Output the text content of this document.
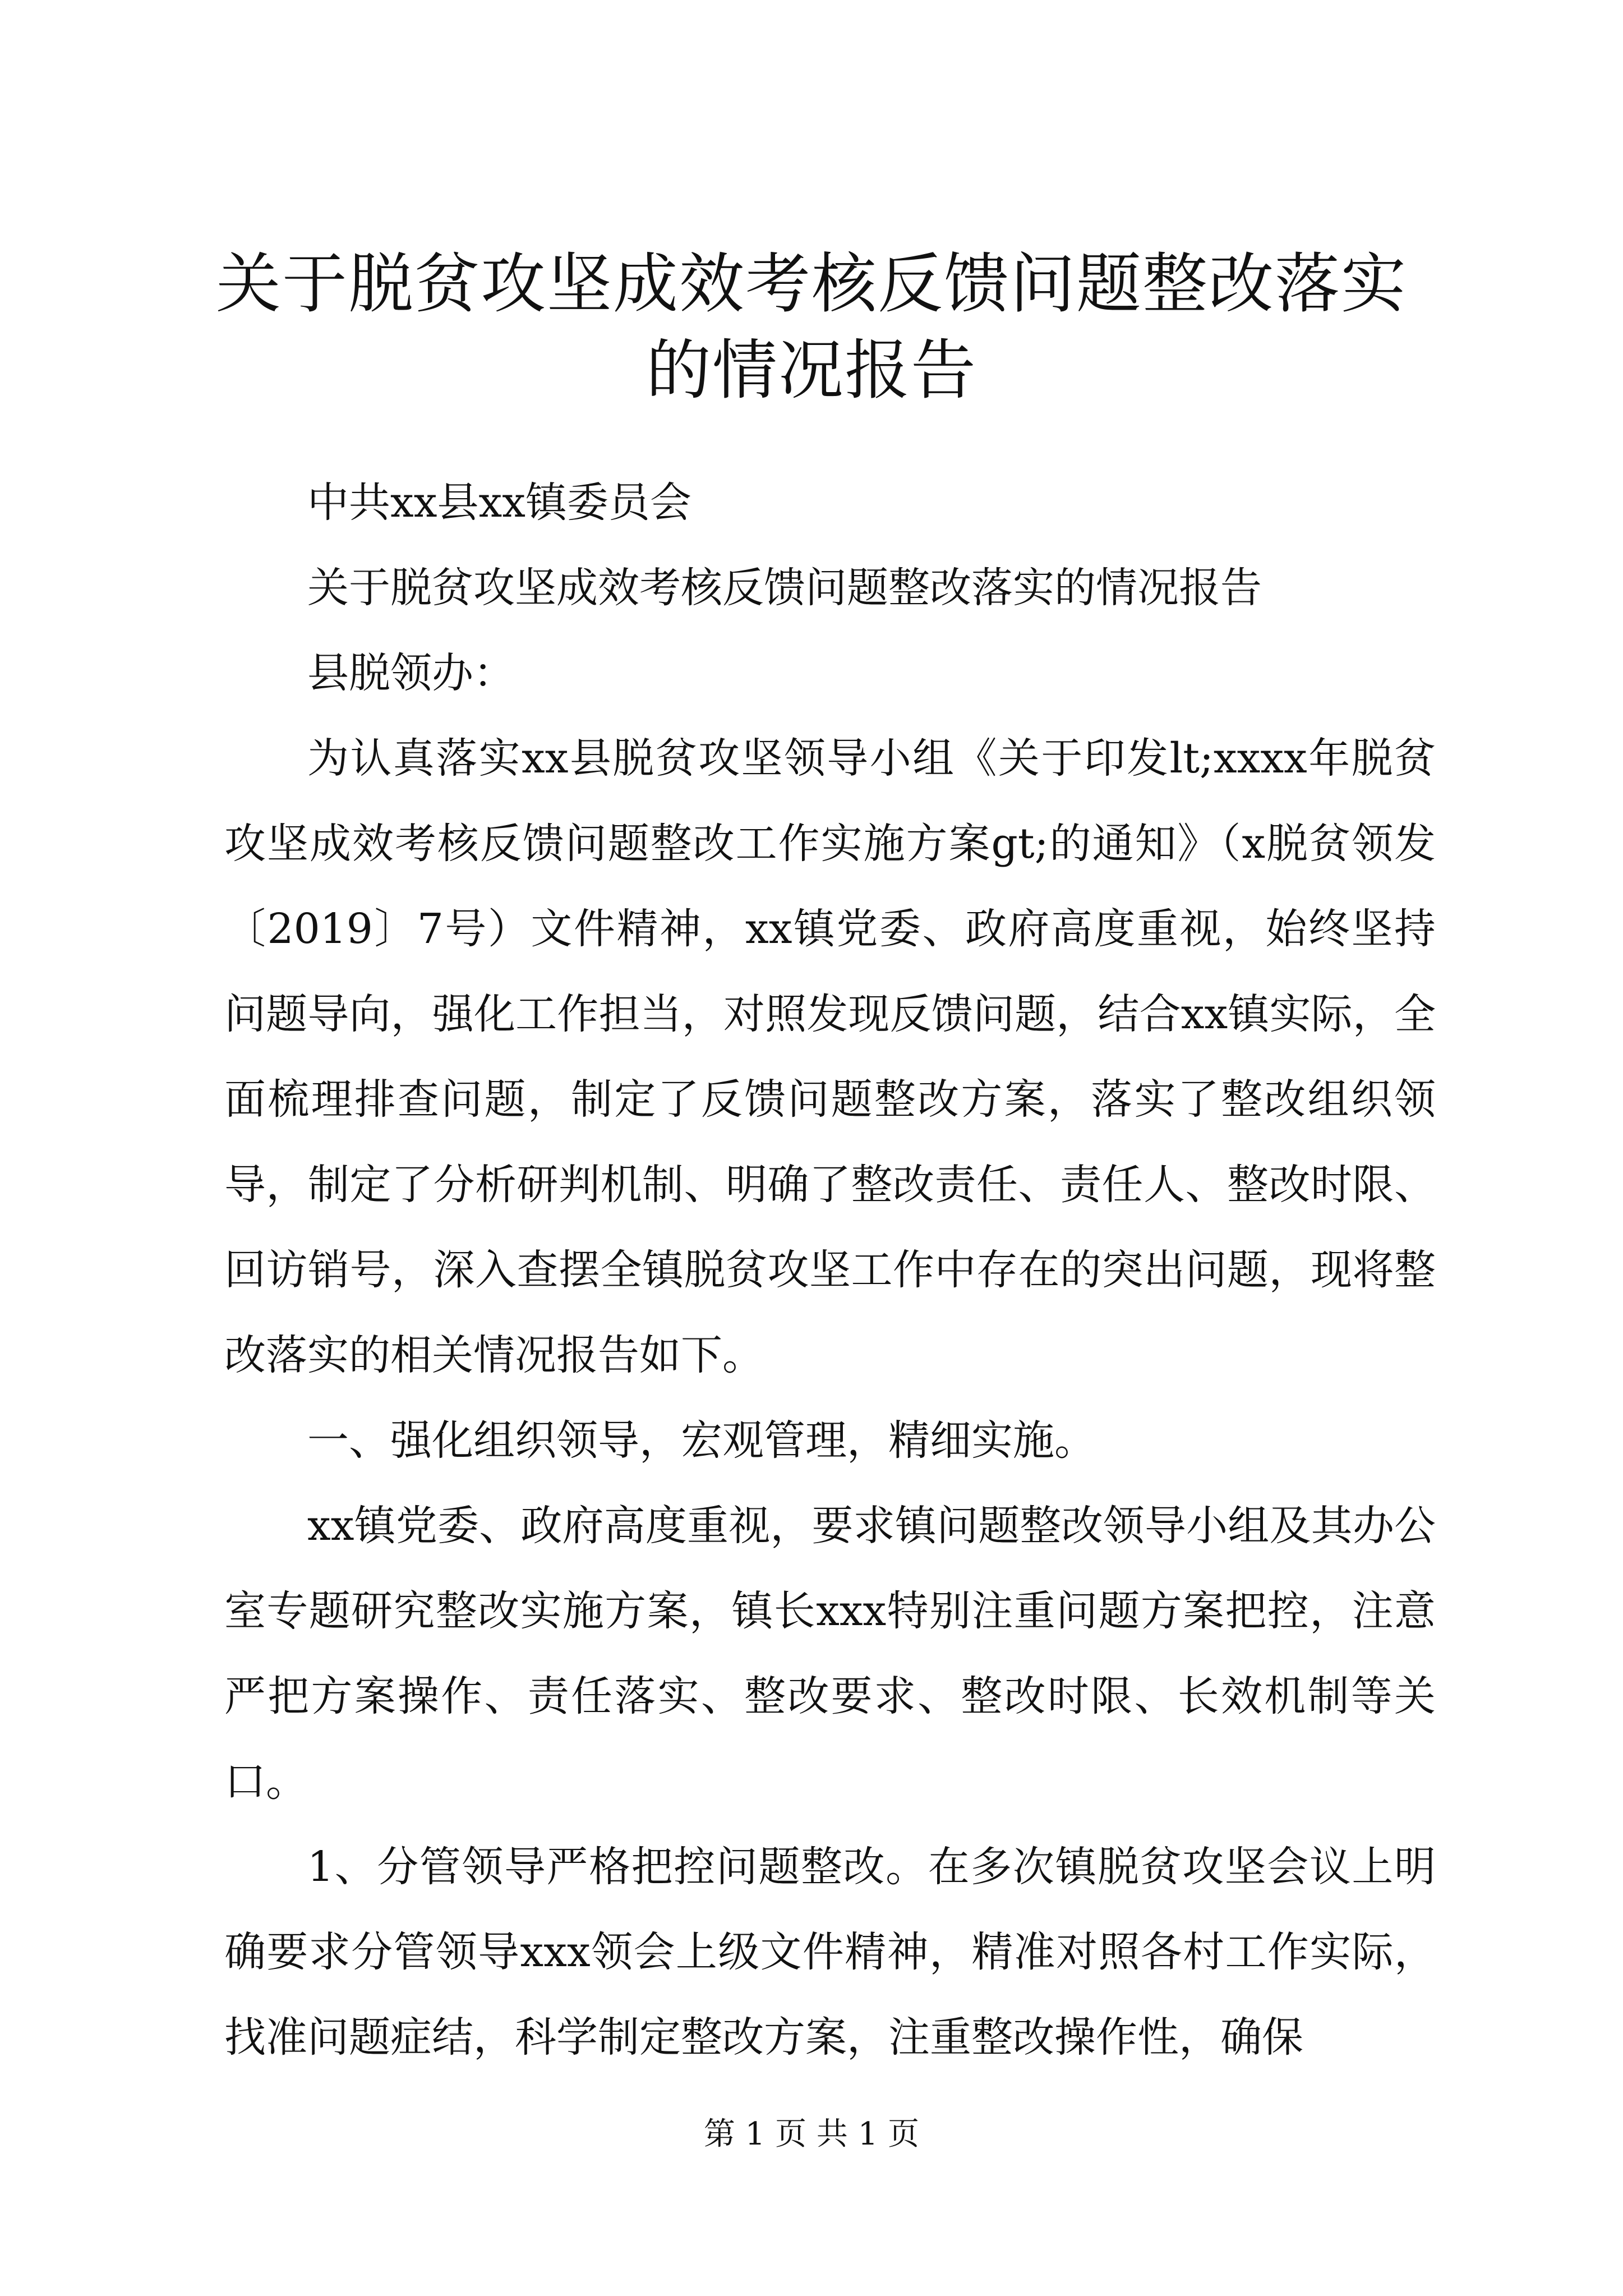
关于脱贫攻坚成效考核反馈问题整改落实的情况报告

中共xx县xx镇委员会

关于脱贫攻坚成效考核反馈问题整改落实的情况报告

县脱领办：

为认真落实xx县脱贫攻坚领导小组《关于印发lt;xxxx年脱贫攻坚成效考核反馈问题整改工作实施方案gt;的通知》（x脱贫领发〔2019〕7号）文件精神，xx镇党委、政府高度重视，始终坚持问题导向，强化工作担当，对照发现反馈问题，结合xx镇实际，全面梳理排查问题，制定了反馈问题整改方案，落实了整改组织领导，制定了分析研判机制、明确了整改责任、责任人、整改时限、回访销号，深入查摆全镇脱贫攻坚工作中存在的突出问题，现将整改落实的相关情况报告如下。

一、强化组织领导，宏观管理，精细实施。

xx镇党委、政府高度重视，要求镇问题整改领导小组及其办公室专题研究整改实施方案，镇长xxx特别注重问题方案把控，注意严把方案操作、责任落实、整改要求、整改时限、长效机制等关口。

1、分管领导严格把控问题整改。在多次镇脱贫攻坚会议上明确要求分管领导xxx领会上级文件精神，精准对照各村工作实际，找准问题症结，科学制定整改方案，注重整改操作性，确保

第 1 页 共 1 页
